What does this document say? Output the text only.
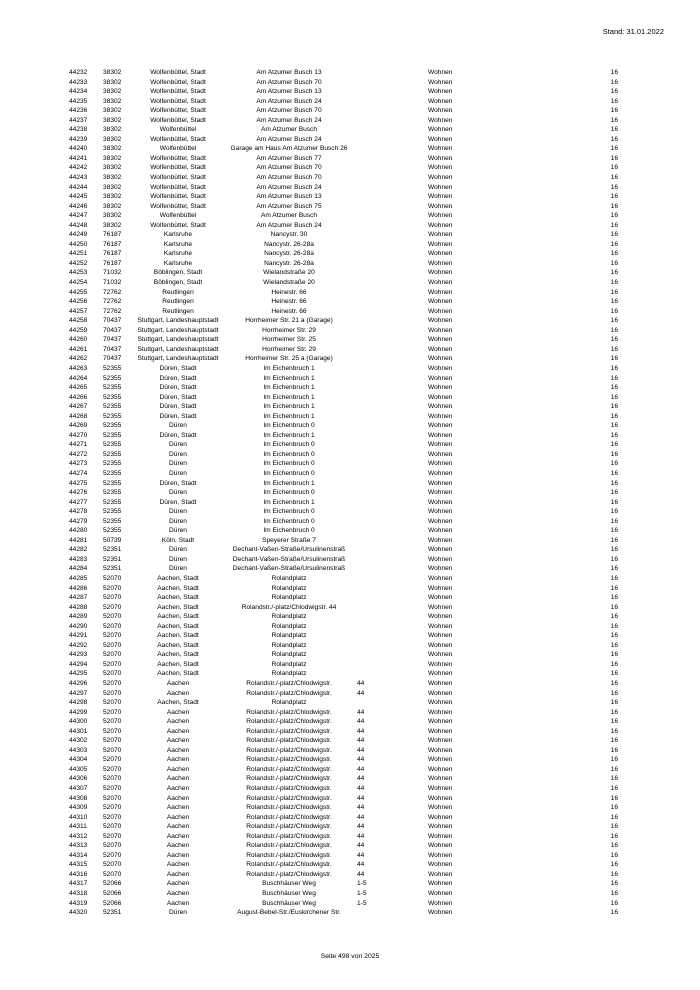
Stand: 31.01.2022
44232 38302	Wolfenbüttel, Stadt	Am Atzumer Busch 13	Wohnen	16
44233 38302	Wolfenbüttel, Stadt	Am Atzumer Busch 70	Wohnen	16
44234 38302	Wolfenbüttel, Stadt	Am Atzumer Busch 13	Wohnen	16
44235 38302	Wolfenbüttel, Stadt	Am Atzumer Busch 24	Wohnen	16
44236 38302	Wolfenbüttel, Stadt	Am Atzumer Busch 70	Wohnen	16
44237 38302	Wolfenbüttel, Stadt	Am Atzumer Busch 24	Wohnen	16
44238 38302	Wolfenbüttel	Am Atzumer Busch	Wohnen	16
44239 38302	Wolfenbüttel, Stadt	Am Atzumer Busch 24	Wohnen	16
44240 38302	Wolfenbüttel	Garage am Haus Am Atzumer Busch 26	Wohnen	16
44241 38302	Wolfenbüttel, Stadt	Am Atzumer Busch 77	Wohnen	16
44242 38302	Wolfenbüttel, Stadt	Am Atzumer Busch 70	Wohnen	16
44243 38302	Wolfenbüttel, Stadt	Am Atzumer Busch 70	Wohnen	16
44244 38302	Wolfenbüttel, Stadt	Am Atzumer Busch 24	Wohnen	16
44245 38302	Wolfenbüttel, Stadt	Am Atzumer Busch 13	Wohnen	16
44246 38302	Wolfenbüttel, Stadt	Am Atzumer Busch 75	Wohnen	16
44247 38302	Wolfenbüttel	Am Atzumer Busch	Wohnen	16
44248 38302	Wolfenbüttel, Stadt	Am Atzumer Busch 24	Wohnen	16
44249 76187	Karlsruhe	Nancystr. 30	Wohnen	16
44250 76187	Karlsruhe	Nancystr. 26-28a	Wohnen	16
44251 76187	Karlsruhe	Nancystr. 26-28a	Wohnen	16
44252 76187	Karlsruhe	Nancystr. 26-28a	Wohnen	16
44253 71032	Böblingen, Stadt	Wielandstraße 20	Wohnen	16
44254 71032	Böblingen, Stadt	Wielandstraße 20	Wohnen	16
44255 72762	Reutlingen	Heinestr. 66	Wohnen	16
44256 72762	Reutlingen	Heinestr. 66	Wohnen	16
44257 72762	Reutlingen	Heinestr. 66	Wohnen	16
44258 70437	Stuttgart, Landeshauptstadt	Horrheimer Str. 21 a (Garage)	Wohnen	16
44259 70437	Stuttgart, Landeshauptstadt	Horrheimer Str. 29	Wohnen	16
44260 70437	Stuttgart, Landeshauptstadt	Horrheimer Str. 25	Wohnen	16
44261 70437	Stuttgart, Landeshauptstadt	Horrheimer Str. 29	Wohnen	16
44262 70437	Stuttgart, Landeshauptstadt	Horrheimer Str. 25 a (Garage)	Wohnen	16
44263 52355	Düren, Stadt	Im Eichenbruch 1	Wohnen	16
44264 52355	Düren, Stadt	Im Eichenbruch 1	Wohnen	16
44265 52355	Düren, Stadt	Im Eichenbruch 1	Wohnen	16
44266 52355	Düren, Stadt	Im Eichenbruch 1	Wohnen	16
44267 52355	Düren, Stadt	Im Eichenbruch 1	Wohnen	16
44268 52355	Düren, Stadt	Im Eichenbruch 1	Wohnen	16
44269 52355	Düren	Im Eichenbruch 0	Wohnen	16
44270 52355	Düren, Stadt	Im Eichenbruch 1	Wohnen	16
44271 52355	Düren	Im Eichenbruch 0	Wohnen	16
44272 52355	Düren	Im Eichenbruch 0	Wohnen	16
44273 52355	Düren	Im Eichenbruch 0	Wohnen	16
44274 52355	Düren	Im Eichenbruch 0	Wohnen	16
44275 52355	Düren, Stadt	Im Eichenbruch 1	Wohnen	16
44276 52355	Düren	Im Eichenbruch 0	Wohnen	16
44277 52355	Düren, Stadt	Im Eichenbruch 1	Wohnen	16
44278 52355	Düren	Im Eichenbruch 0	Wohnen	16
44279 52355	Düren	Im Eichenbruch 0	Wohnen	16
44280 52355	Düren	Im Eichenbruch 0	Wohnen	16
44281 50739	Köln, Stadt	Speyerer Straße 7	Wohnen	16
44282 52351	Düren	Dechant-Vaßen-Straße/Ursulinenstraß	Wohnen	16
44283 52351	Düren	Dechant-Vaßen-Straße/Ursulinenstraß	Wohnen	16
44284 52351	Düren	Dechant-Vaßen-Straße/Ursulinenstraß	Wohnen	16
44285 52070	Aachen, Stadt	Rolandplatz	Wohnen	16
44286 52070	Aachen, Stadt	Rolandplatz	Wohnen	16
44287 52070	Aachen, Stadt	Rolandplatz	Wohnen	16
44288 52070	Aachen, Stadt	Rolandstr./-platz/Chlodwigstr. 44	Wohnen	16
44289 52070	Aachen, Stadt	Rolandplatz	Wohnen	16
44290 52070	Aachen, Stadt	Rolandplatz	Wohnen	16
44291 52070	Aachen, Stadt	Rolandplatz	Wohnen	16
44292 52070	Aachen, Stadt	Rolandplatz	Wohnen	16
44293 52070	Aachen, Stadt	Rolandplatz	Wohnen	16
44294 52070	Aachen, Stadt	Rolandplatz	Wohnen	16
44295 52070	Aachen, Stadt	Rolandplatz	Wohnen	16
44296 52070	Aachen	Rolandstr./-platz/Chlodwigstr.	44	Wohnen	16
44297 52070	Aachen	Rolandstr./-platz/Chlodwigstr.	44	Wohnen	16
44298 52070	Aachen, Stadt	Rolandplatz	Wohnen	16
44299 52070	Aachen	Rolandstr./-platz/Chlodwigstr.	44	Wohnen	16
44300 52070	Aachen	Rolandstr./-platz/Chlodwigstr.	44	Wohnen	16
44301 52070	Aachen	Rolandstr./-platz/Chlodwigstr.	44	Wohnen	16
44302 52070	Aachen	Rolandstr./-platz/Chlodwigstr.	44	Wohnen	16
44303 52070	Aachen	Rolandstr./-platz/Chlodwigstr.	44	Wohnen	16
44304 52070	Aachen	Rolandstr./-platz/Chlodwigstr.	44	Wohnen	16
44305 52070	Aachen	Rolandstr./-platz/Chlodwigstr.	44	Wohnen	16
44306 52070	Aachen	Rolandstr./-platz/Chlodwigstr.	44	Wohnen	16
44307 52070	Aachen	Rolandstr./-platz/Chlodwigstr.	44	Wohnen	16
44308 52070	Aachen	Rolandstr./-platz/Chlodwigstr.	44	Wohnen	16
44309 52070	Aachen	Rolandstr./-platz/Chlodwigstr.	44	Wohnen	16
44310 52070	Aachen	Rolandstr./-platz/Chlodwigstr.	44	Wohnen	16
44311 52070	Aachen	Rolandstr./-platz/Chlodwigstr.	44	Wohnen	16
44312 52070	Aachen	Rolandstr./-platz/Chlodwigstr.	44	Wohnen	16
44313 52070	Aachen	Rolandstr./-platz/Chlodwigstr.	44	Wohnen	16
44314 52070	Aachen	Rolandstr./-platz/Chlodwigstr.	44	Wohnen	16
44315 52070	Aachen	Rolandstr./-platz/Chlodwigstr.	44	Wohnen	16
44316 52070	Aachen	Rolandstr./-platz/Chlodwigstr.	44	Wohnen	16
44317 52066	Aachen	Buschhäuser Weg	1-5	Wohnen	16
44318 52066	Aachen	Buschhäuser Weg	1-5	Wohnen	16
44319 52066	Aachen	Buschhäuser Weg	1-5	Wohnen	16
44320 52351	Düren	August-Bebel-Str./Euskirchener Str.	Wohnen	16
Seite 498 von 2025
